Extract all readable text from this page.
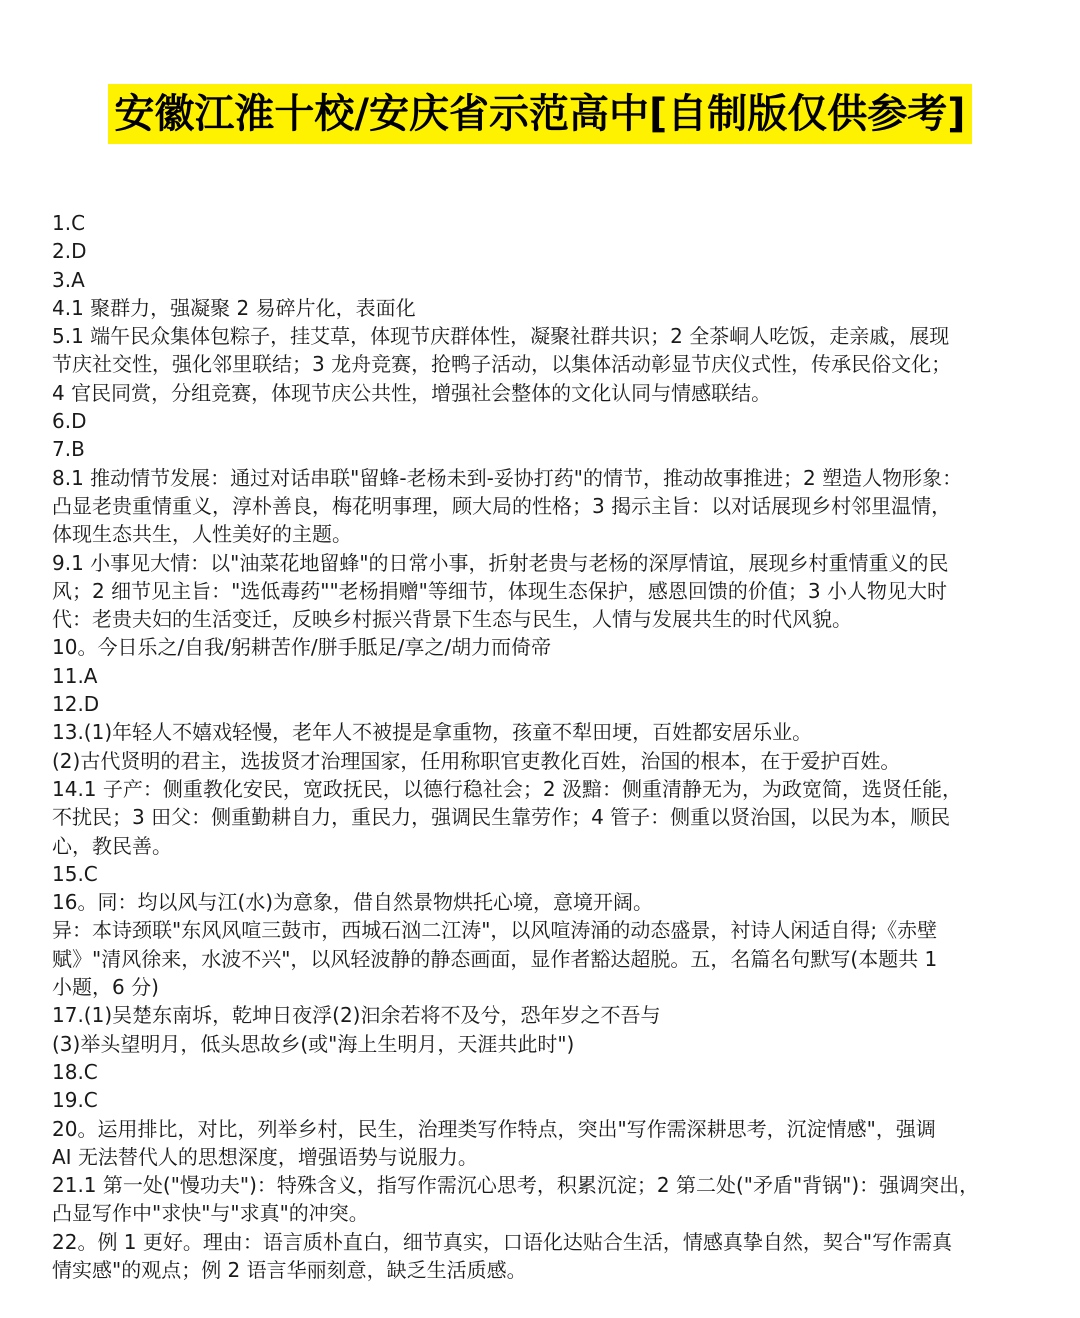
安徽江淮十校/安庆省示范高中[自制版仅供参考]
1.C
2.D
3.A
4.1 聚群力，强凝聚 2 易碎片化，表面化
5.1 端午民众集体包粽子，挂艾草，体现节庆群体性，凝聚社群共识；2 全茶峒人吃饭，走亲戚，展现
节庆社交性，强化邻里联结；3 龙舟竞赛，抢鸭子活动，以集体活动彰显节庆仪式性，传承民俗文化；
4 官民同赏，分组竞赛，体现节庆公共性，增强社会整体的文化认同与情感联结。
6.D
7.B
8.1 推动情节发展：通过对话串联"留蜂-老杨未到-妥协打药"的情节，推动故事推进；2 塑造人物形象：
凸显老贵重情重义，淳朴善良，梅花明事理，顾大局的性格；3 揭示主旨：以对话展现乡村邻里温情，
体现生态共生，人性美好的主题。
9.1 小事见大情：以"油菜花地留蜂"的日常小事，折射老贵与老杨的深厚情谊，展现乡村重情重义的民
风；2 细节见主旨："选低毒药""老杨捐赠"等细节，体现生态保护，感恩回馈的价值；3 小人物见大时
代：老贵夫妇的生活变迁，反映乡村振兴背景下生态与民生，人情与发展共生的时代风貌。
10。今日乐之/自我/躬耕苦作/胼手胝足/享之/胡力而倚帝
11.A
12.D
13.(1)年轻人不嬉戏轻慢，老年人不被提是拿重物，孩童不犁田埂，百姓都安居乐业。
(2)古代贤明的君主，选拔贤才治理国家，任用称职官吏教化百姓，治国的根本，在于爱护百姓。
14.1 子产：侧重教化安民，宽政抚民，以德行稳社会；2 汲黯：侧重清静无为，为政宽简，选贤任能，
不扰民；3 田父：侧重勤耕自力，重民力，强调民生靠劳作；4 管子：侧重以贤治国，以民为本，顺民
心，教民善。
15.C
16。同：均以风与江(水)为意象，借自然景物烘托心境，意境开阔。
异：本诗颈联"东风风喧三鼓市，西城石汹二江涛"，以风喧涛涌的动态盛景，衬诗人闲适自得;《赤壁
赋》"清风徐来，水波不兴"，以风轻波静的静态画面，显作者豁达超脱。五，名篇名句默写(本题共 1
小题，6 分)
17.(1)吴楚东南坼，乾坤日夜浮(2)汩余若将不及兮，恐年岁之不吾与
(3)举头望明月，低头思故乡(或"海上生明月，天涯共此时")
18.C
19.C
20。运用排比，对比，列举乡村，民生，治理类写作特点，突出"写作需深耕思考，沉淀情感"，强调
AI 无法替代人的思想深度，增强语势与说服力。
21.1 第一处("慢功夫")：特殊含义，指写作需沉心思考，积累沉淀；2 第二处("矛盾"背锅")：强调突出，
凸显写作中"求快"与"求真"的冲突。
22。例 1 更好。理由：语言质朴直白，细节真实，口语化达贴合生活，情感真挚自然，契合"写作需真
情实感"的观点；例 2 语言华丽刻意，缺乏生活质感。
